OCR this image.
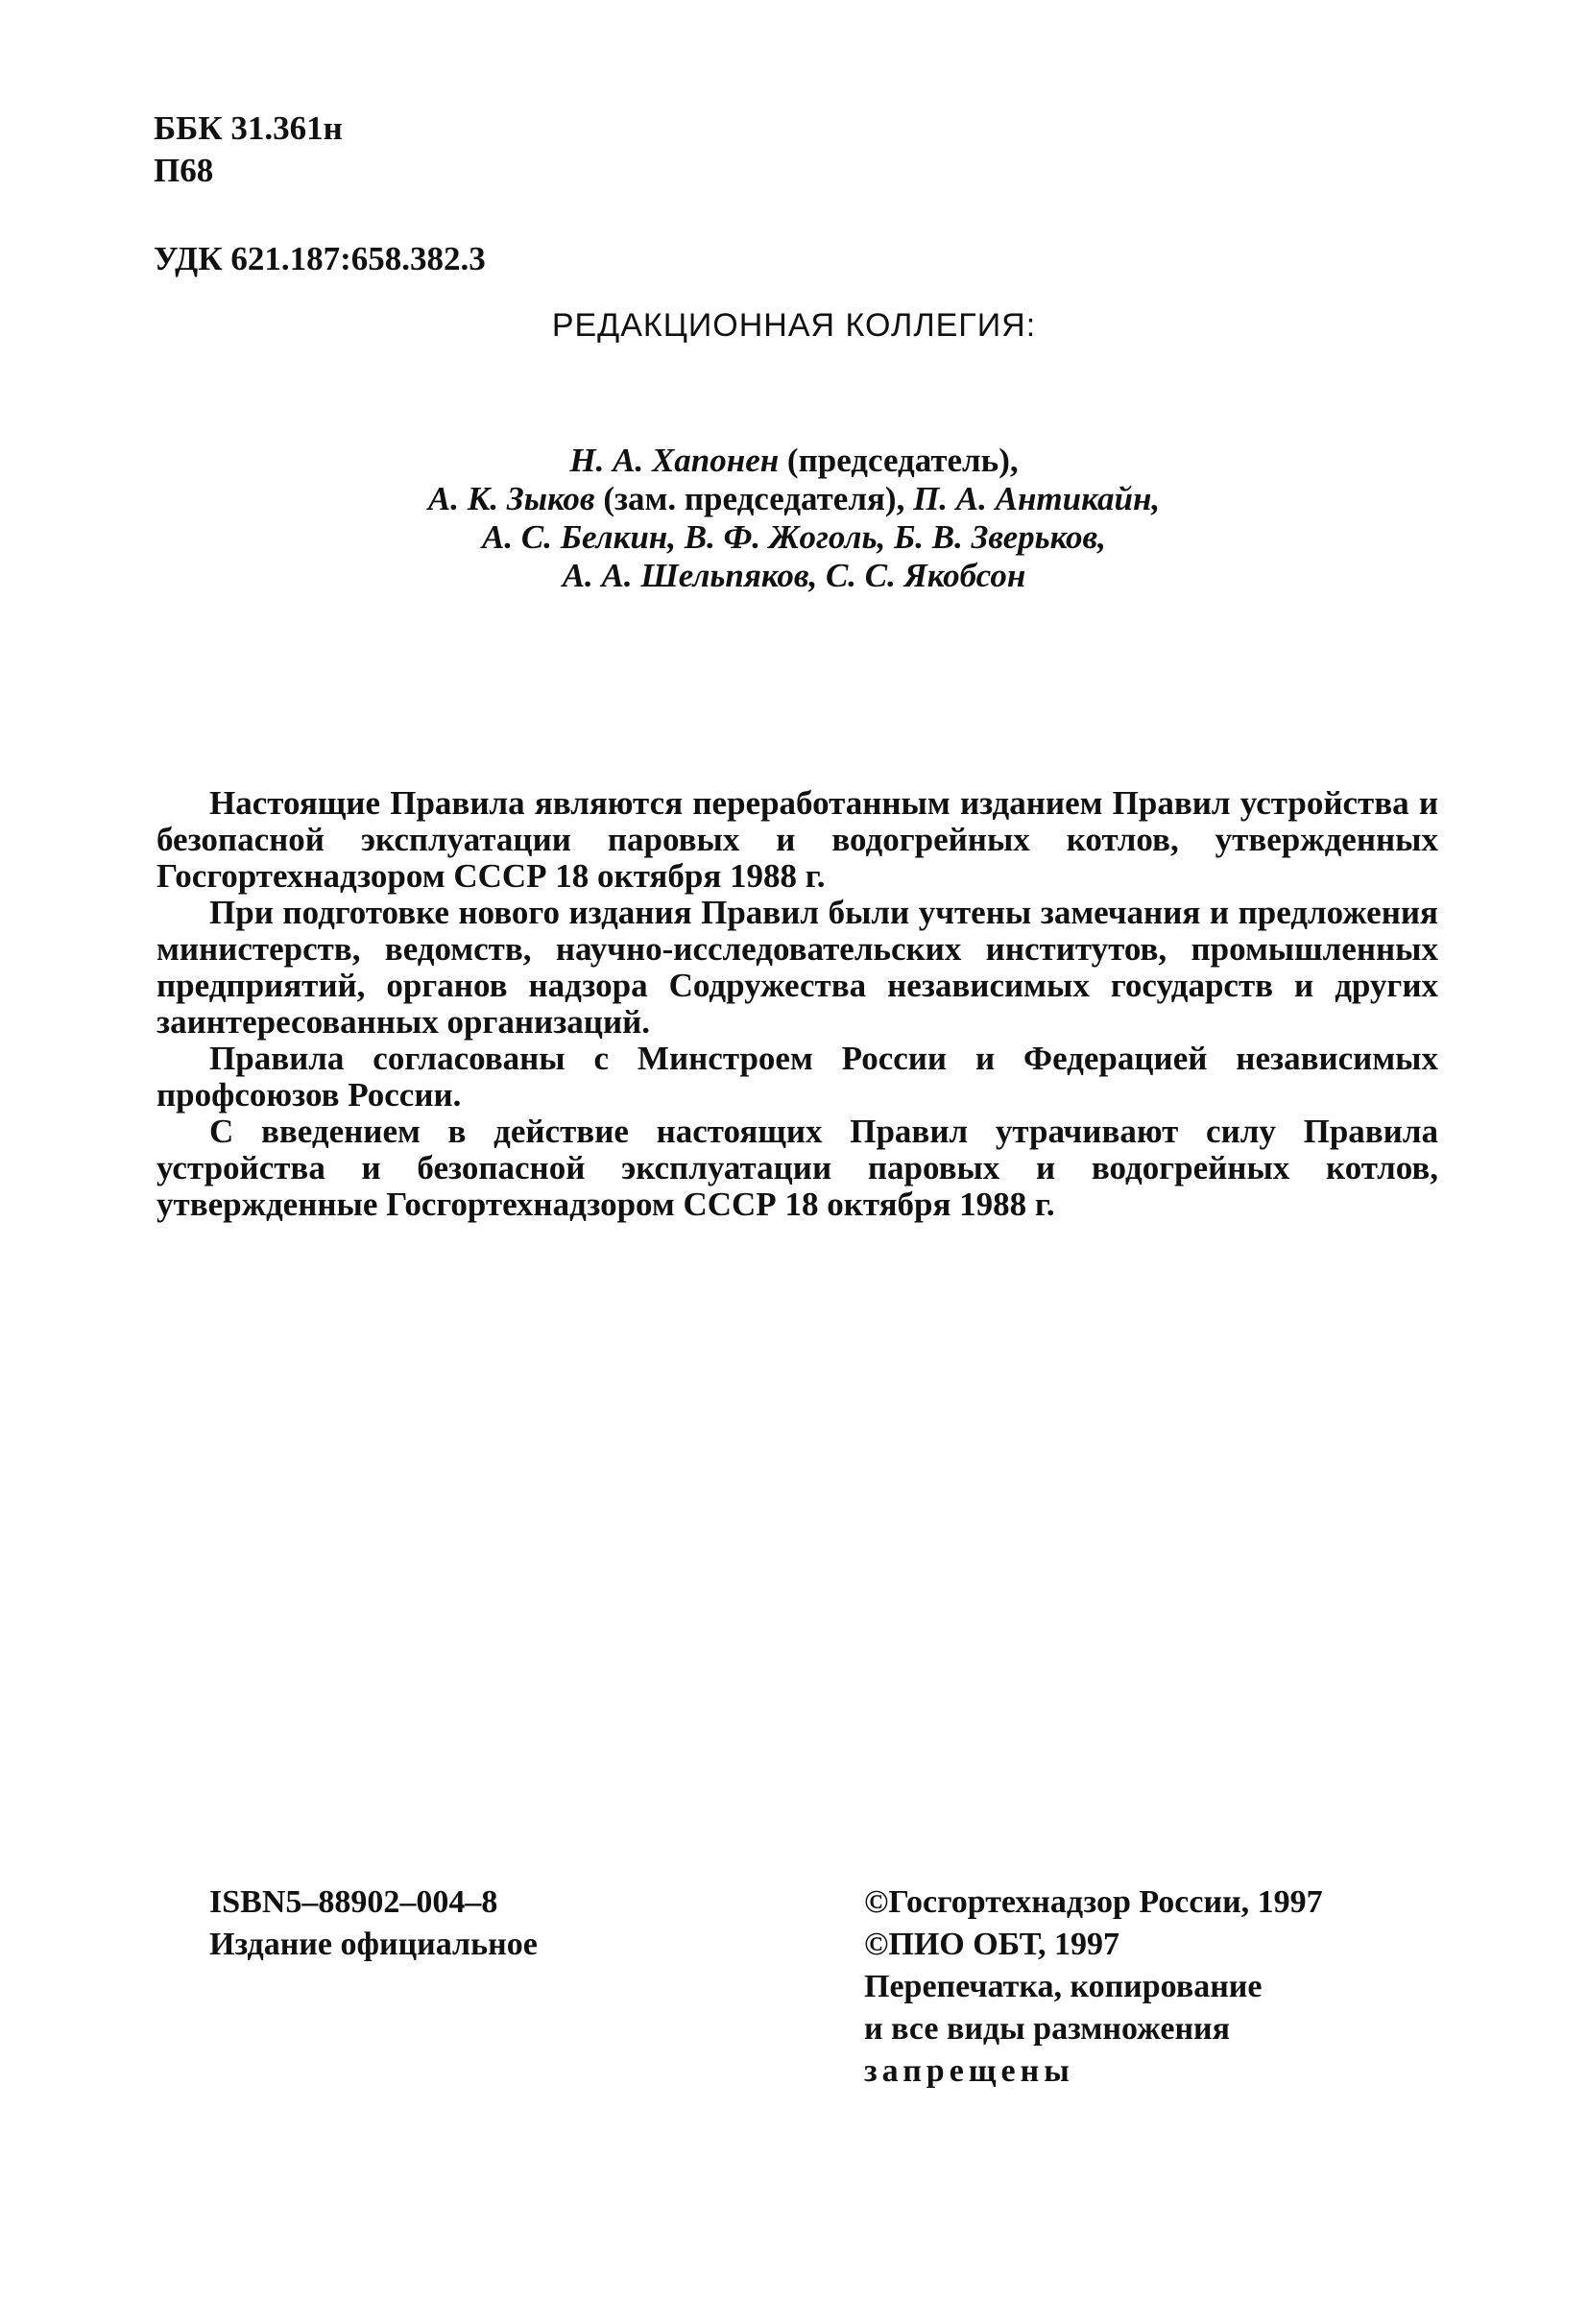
ББК 31.361н
П68
УДК 621.187:658.382.3
РЕДАКЦИОННАЯ КОЛЛЕГИЯ:
Н. А. Хапонен (председатель),
А. К. Зыков (зам. председателя), П. А. Антикайн,
А. С. Белкин, В. Ф. Жоголь, Б. В. Зверьков,
А. А. Шельпяков, С. С. Якобсон

Настоящие Правила являются переработанным изданием Правил устройства и безопасной эксплуатации паровых и водогрейных котлов, утвержденных Госгортехнадзором СССР 18 октября 1988 г.

При подготовке нового издания Правил были учтены замечания и предложения министерств, ведомств, научно-исследовательских институтов, промышленных предприятий, органов надзора Содружества независимых государств и других заинтересованных организаций.

Правила согласованы с Минстроем России и Федерацией независимых профсоюзов России.

С введением в действие настоящих Правил утрачивают силу Правила устройства и безопасной эксплуатации паровых и водогрейных котлов, утвержденные Госгортехнадзором СССР 18 октября 1988 г.

ISBN5–88902–004–8
Издание официальное
©Госгортехнадзор России, 1997
©ПИО ОБТ, 1997
Перепечатка, копирование
и все виды размножения
запрещены
